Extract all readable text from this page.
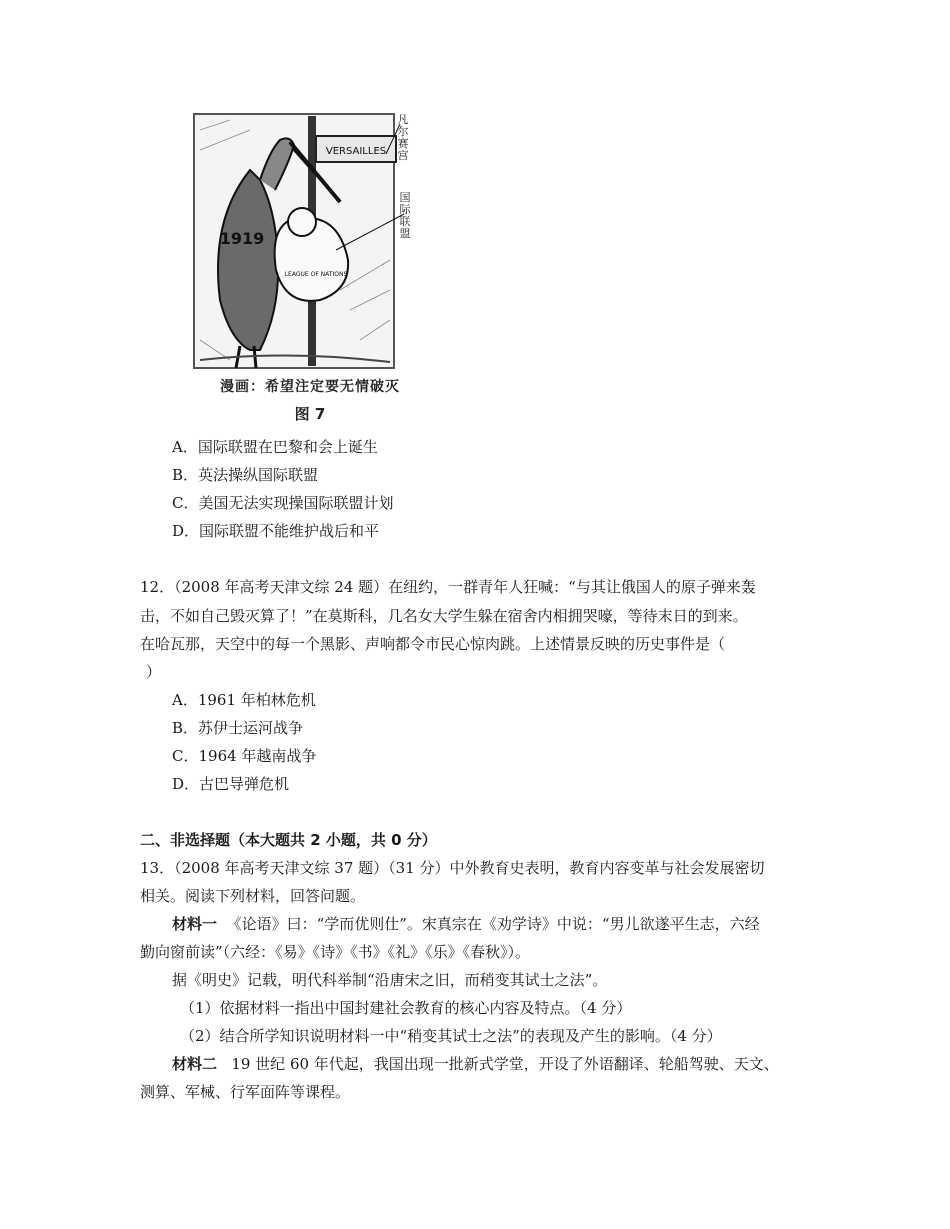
VERSAILLES
1919
LEAGUE OF NATIONS
凡尔赛宫
国际联盟
漫画：希望注定要无情破灭
图 7
A．国际联盟在巴黎和会上诞生
B．英法操纵国际联盟
C．美国无法实现操国际联盟计划
D．国际联盟不能维护战后和平
12．（2008 年高考天津文综 24 题）在纽约，一群青年人狂喊：“与其让俄国人的原子弹来轰
击，不如自己毁灭算了！”在莫斯科，几名女大学生躲在宿舍内相拥哭嚎，等待末日的到来。
在哈瓦那，天空中的每一个黑影、声响都令市民心惊肉跳。上述情景反映的历史事件是（
）
A．1961 年柏林危机
B．苏伊士运河战争
C．1964 年越南战争
D．古巴导弹危机
二、非选择题（本大题共 2 小题，共 0 分）
13．（2008 年高考天津文综 37 题）（31 分）中外教育史表明，教育内容变革与社会发展密切
相关。阅读下列材料，回答问题。
材料一 《论语》曰：“学而优则仕”。宋真宗在《劝学诗》中说：“男儿欲遂平生志，六经
勤向窗前读”（六经：《易》《诗》《书》《礼》《乐》《春秋》）。
据《明史》记载，明代科举制“沿唐宋之旧，而稍变其试士之法”。
（1）依据材料一指出中国封建社会教育的核心内容及特点。（4 分）
（2）结合所学知识说明材料一中“稍变其试士之法”的表现及产生的影响。（4 分）
材料二 19 世纪 60 年代起，我国出现一批新式学堂，开设了外语翻译、轮船驾驶、天文、
测算、军械、行军面阵等课程。
